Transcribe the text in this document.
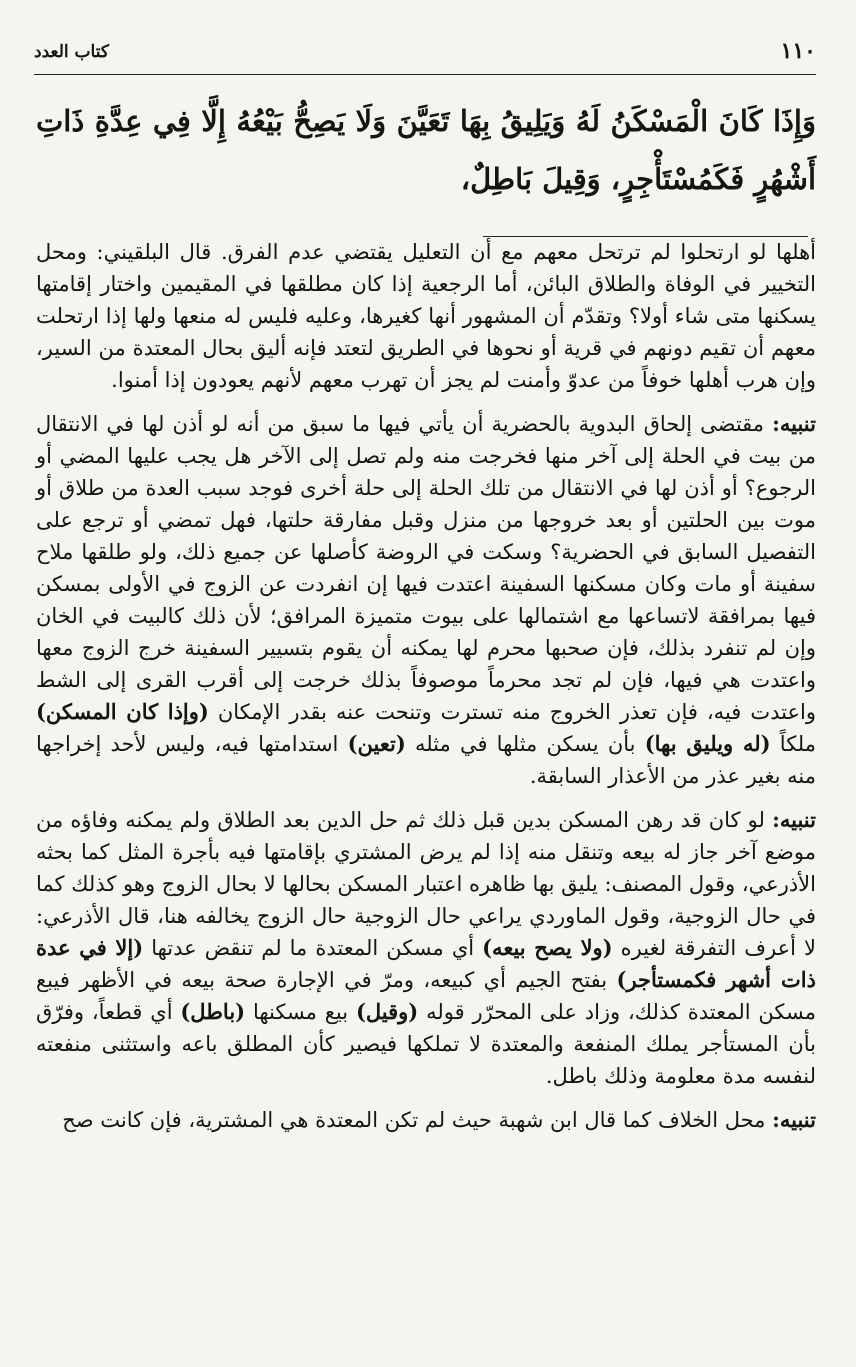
كتاب العدد	١١٠
وَإِذَا كَانَ الْمَسْكَنُ لَهُ وَيَلِيقُ بِهَا تَعَيَّنَ وَلَا يَصِحُّ بَيْعُهُ إِلَّا فِي عِدَّةِ ذَاتِ أَشْهُرٍ فَكَمُسْتَأْجِرٍ، وَقِيلَ بَاطِلٌ،

أهلها لو ارتحلوا لم ترتحل معهم مع أن التعليل يقتضي عدم الفرق. قال البلقيني: ومحل التخيير في الوفاة والطلاق البائن، أما الرجعية إذا كان مطلقها في المقيمين واختار إقامتها يسكنها متى شاء أولا؟ وتقدّم أن المشهور أنها كغيرها، وعليه فليس له منعها ولها إذا ارتحلت معهم أن تقيم دونهم في قرية أو نحوها في الطريق لتعتد فإنه أليق بحال المعتدة من السير، وإن هرب أهلها خوفاً من عدوّ وأمنت لم يجز أن تهرب معهم لأنهم يعودون إذا أمنوا.

تنبيه: مقتضى إلحاق البدوية بالحضرية أن يأتي فيها ما سبق من أنه لو أذن لها في الانتقال من بيت في الحلة إلى آخر منها فخرجت منه ولم تصل إلى الآخر هل يجب عليها المضي أو الرجوع؟ أو أذن لها في الانتقال من تلك الحلة إلى حلة أخرى فوجد سبب العدة من طلاق أو موت بين الحلتين أو بعد خروجها من منزل وقبل مفارقة حلتها، فهل تمضي أو ترجع على التفصيل السابق في الحضرية؟ وسكت في الروضة كأصلها عن جميع ذلك، ولو طلقها ملاح سفينة أو مات وكان مسكنها السفينة اعتدت فيها إن انفردت عن الزوج في الأولى بمسكن فيها بمرافقة لاتساعها مع اشتمالها على بيوت متميزة المرافق؛ لأن ذلك كالبيت في الخان وإن لم تنفرد بذلك، فإن صحبها محرم لها يمكنه أن يقوم بتسيير السفينة خرج الزوج معها واعتدت هي فيها، فإن لم تجد محرماً موصوفاً بذلك خرجت إلى أقرب القرى إلى الشط واعتدت فيه، فإن تعذر الخروج منه تسترت وتنحت عنه بقدر الإمكان (وإذا كان المسكن) ملكاً (له ويليق بها) بأن يسكن مثلها في مثله (تعين) استدامتها فيه، وليس لأحد إخراجها منه بغير عذر من الأعذار السابقة.

تنبيه: لو كان قد رهن المسكن بدين قبل ذلك ثم حل الدين بعد الطلاق ولم يمكنه وفاؤه من موضع آخر جاز له بيعه وتنقل منه إذا لم يرض المشتري بإقامتها فيه بأجرة المثل كما بحثه الأذرعي، وقول المصنف: يليق بها ظاهره اعتبار المسكن بحالها لا بحال الزوج وهو كذلك كما في حال الزوجية، وقول الماوردي يراعي حال الزوجية حال الزوج يخالفه هنا، قال الأذرعي: لا أعرف التفرقة لغيره (ولا يصح بيعه) أي مسكن المعتدة ما لم تنقض عدتها (إلا في عدة ذات أشهر فكمستأجر) بفتح الجيم أي كبيعه، ومرّ في الإجارة صحة بيعه في الأظهر فيبع مسكن المعتدة كذلك، وزاد على المحرّر قوله (وقيل) بيع مسكنها (باطل) أي قطعاً، وفرّق بأن المستأجر يملك المنفعة والمعتدة لا تملكها فيصير كأن المطلق باعه واستثنى منفعته لنفسه مدة معلومة وذلك باطل.

تنبيه: محل الخلاف كما قال ابن شهبة حيث لم تكن المعتدة هي المشترية، فإن كانت صح
